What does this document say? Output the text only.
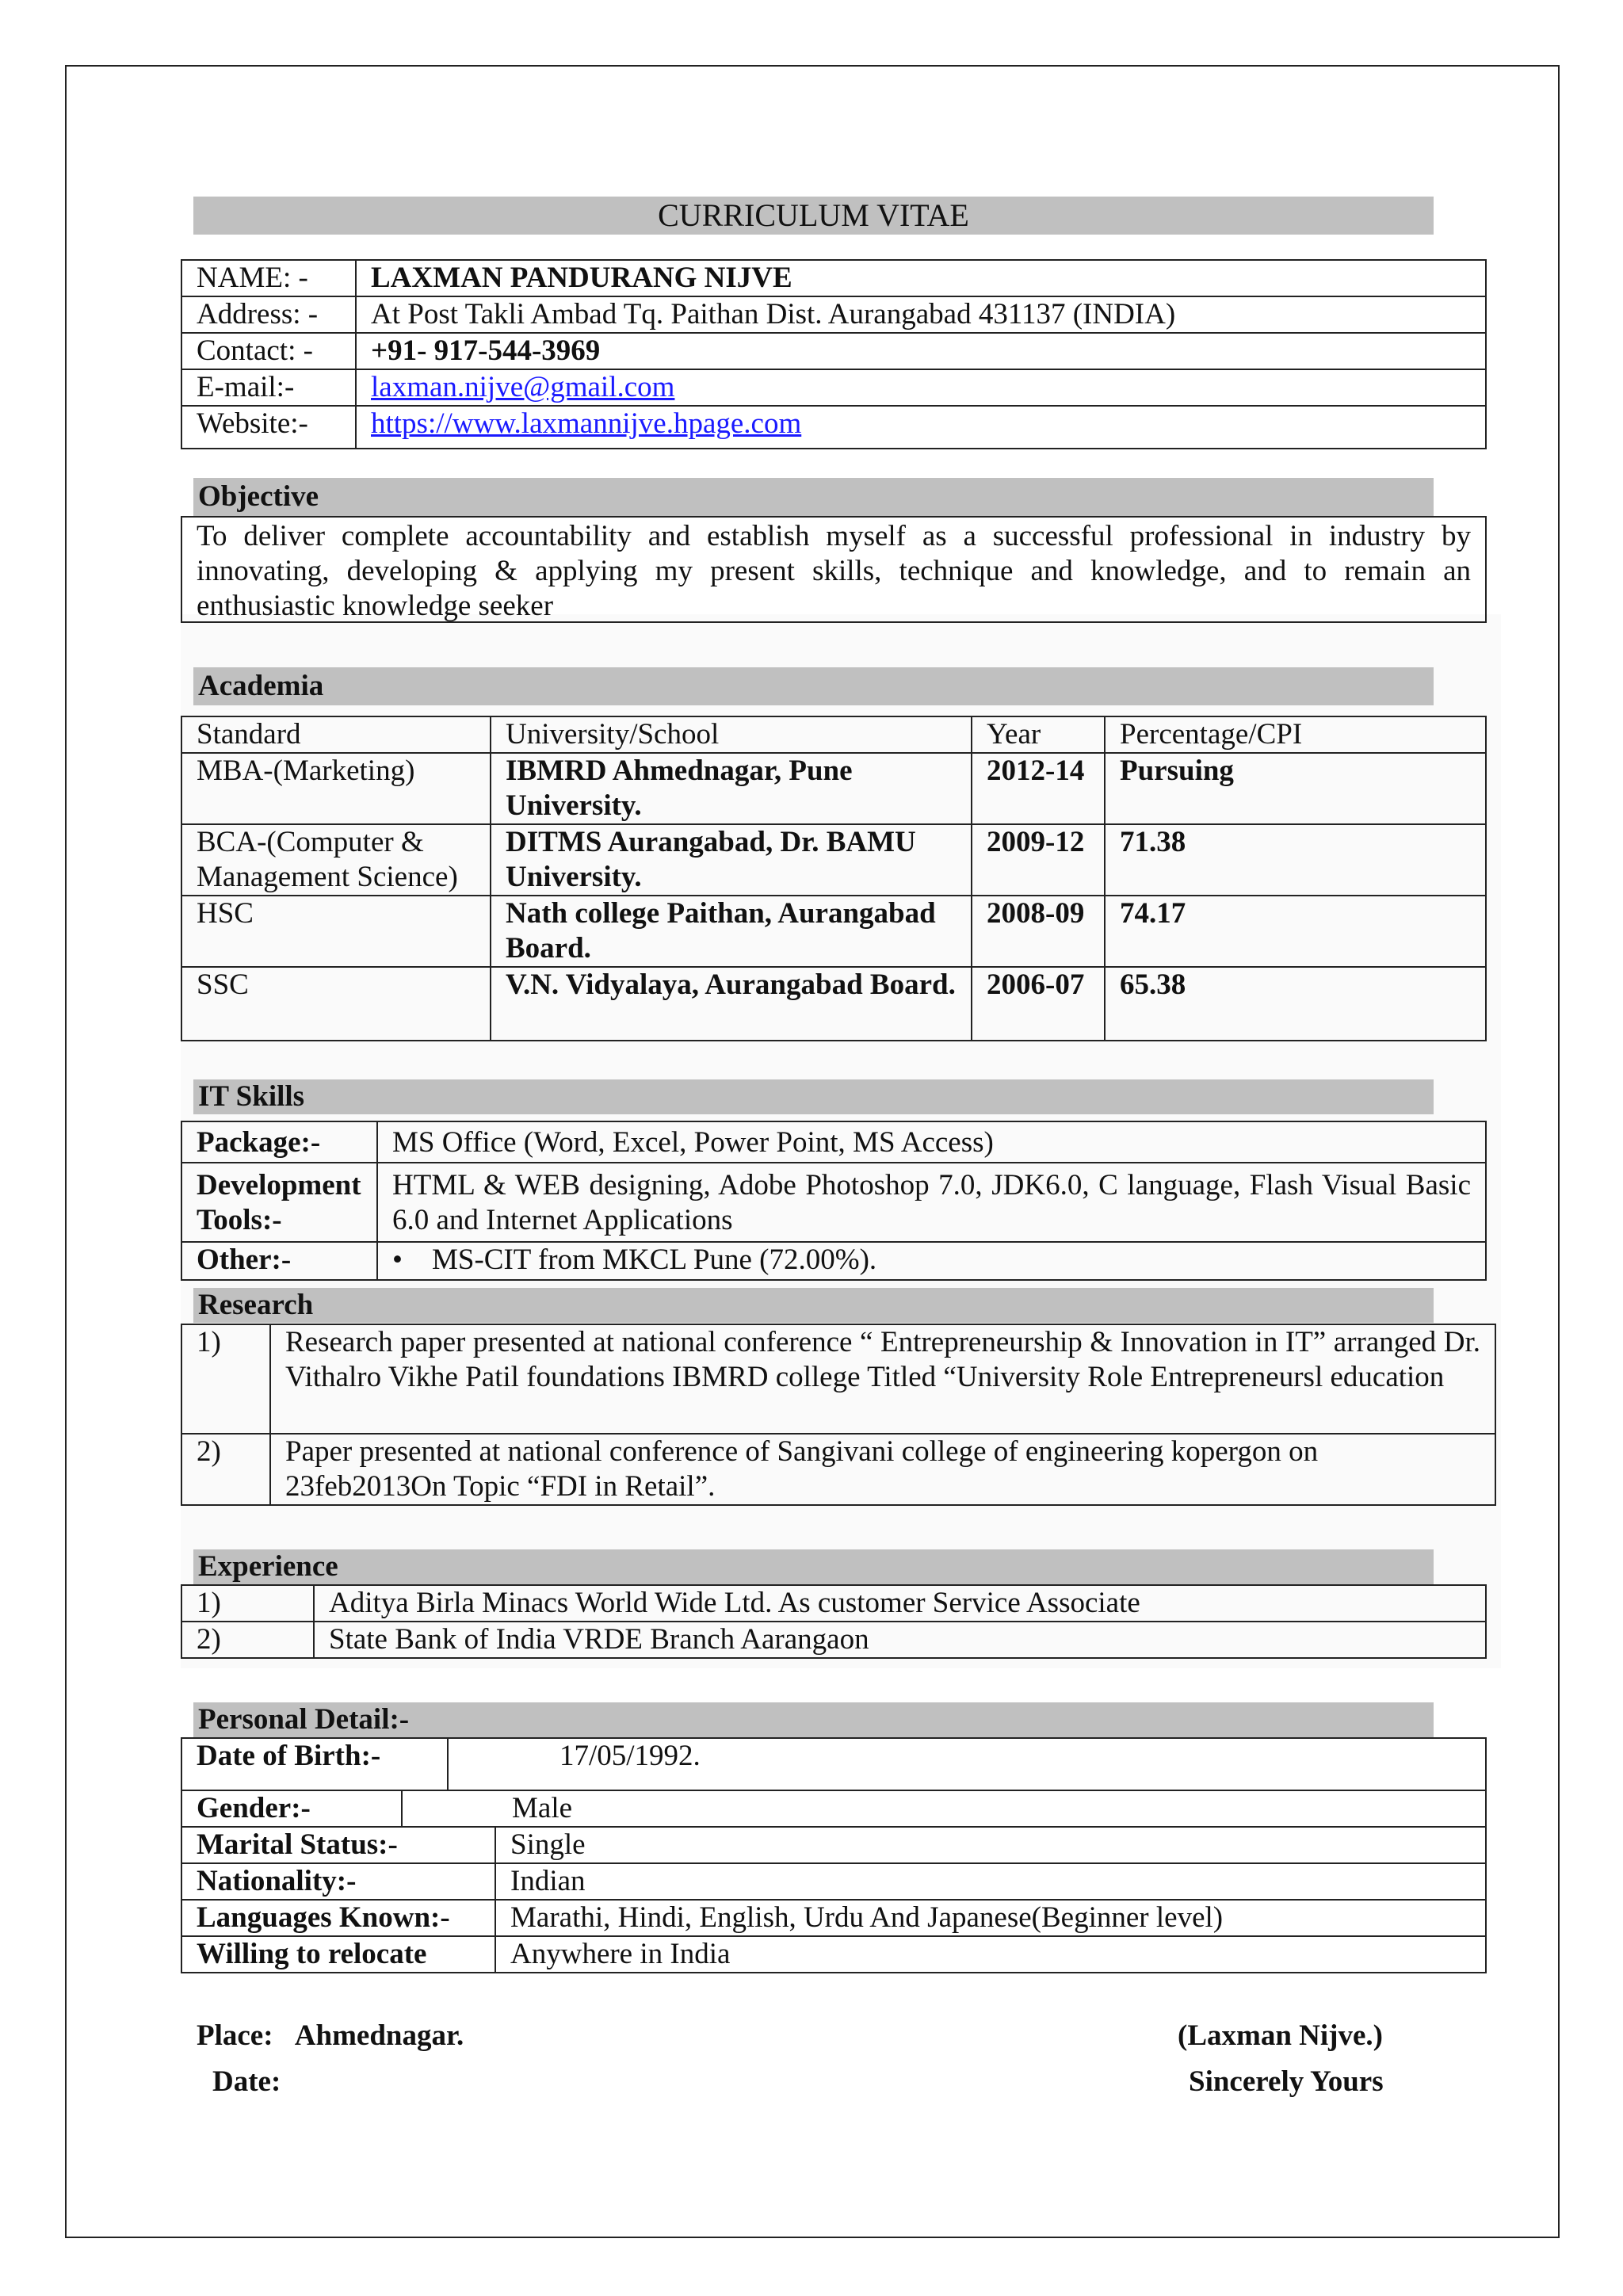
CURRICULUM VITAE
NAME: -	LAXMAN PANDURANG NIJVE
Address: -	At Post Takli Ambad Tq. Paithan Dist. Aurangabad 431137 (INDIA)
Contact: -	+91- 917-544-3969
E-mail:-	laxman.nijve@gmail.com
Website:-	https://www.laxmannijve.hpage.com
Objective
To deliver complete accountability and establish myself as a successful professional in industry by innovating, developing & applying my present skills, technique and knowledge, and to remain an enthusiastic knowledge seeker
Academia
Standard	University/School	Year	Percentage/CPI
MBA-(Marketing)	IBMRD Ahmednagar, Pune University.	2012-14	Pursuing
BCA-(Computer & Management Science)	DITMS Aurangabad, Dr. BAMU University.	2009-12	71.38
HSC	Nath college Paithan, Aurangabad Board.	2008-09	74.17
SSC	V.N. Vidyalaya, Aurangabad Board.	2006-07	65.38
IT Skills
Package:-	MS Office (Word, Excel, Power Point, MS Access)
Development Tools:-	HTML & WEB designing, Adobe Photoshop 7.0, JDK6.0, C language, Flash Visual Basic 6.0 and Internet Applications
Other:-	• MS-CIT from MKCL Pune (72.00%).
Research
1)	Research paper presented at national conference “ Entrepreneurship & Innovation in IT” arranged Dr. Vithalro Vikhe Patil foundations IBMRD college Titled “University Role Entrepreneursl education
2)	Paper presented at national conference of Sangivani college of engineering kopergon on 23feb2013On Topic “FDI in Retail”.
Experience
1)	Aditya Birla Minacs World Wide Ltd. As customer Service Associate
2)	State Bank of India VRDE Branch Aarangaon
Personal Detail:-
Date of Birth:-	17/05/1992.
Gender:-	Male
Marital Status:-	Single
Nationality:-	Indian
Languages Known:-	Marathi, Hindi, English, Urdu And Japanese(Beginner level)
Willing to relocate	Anywhere in India
Place: Ahmednagar.
Date:
(Laxman Nijve.)
Sincerely Yours
